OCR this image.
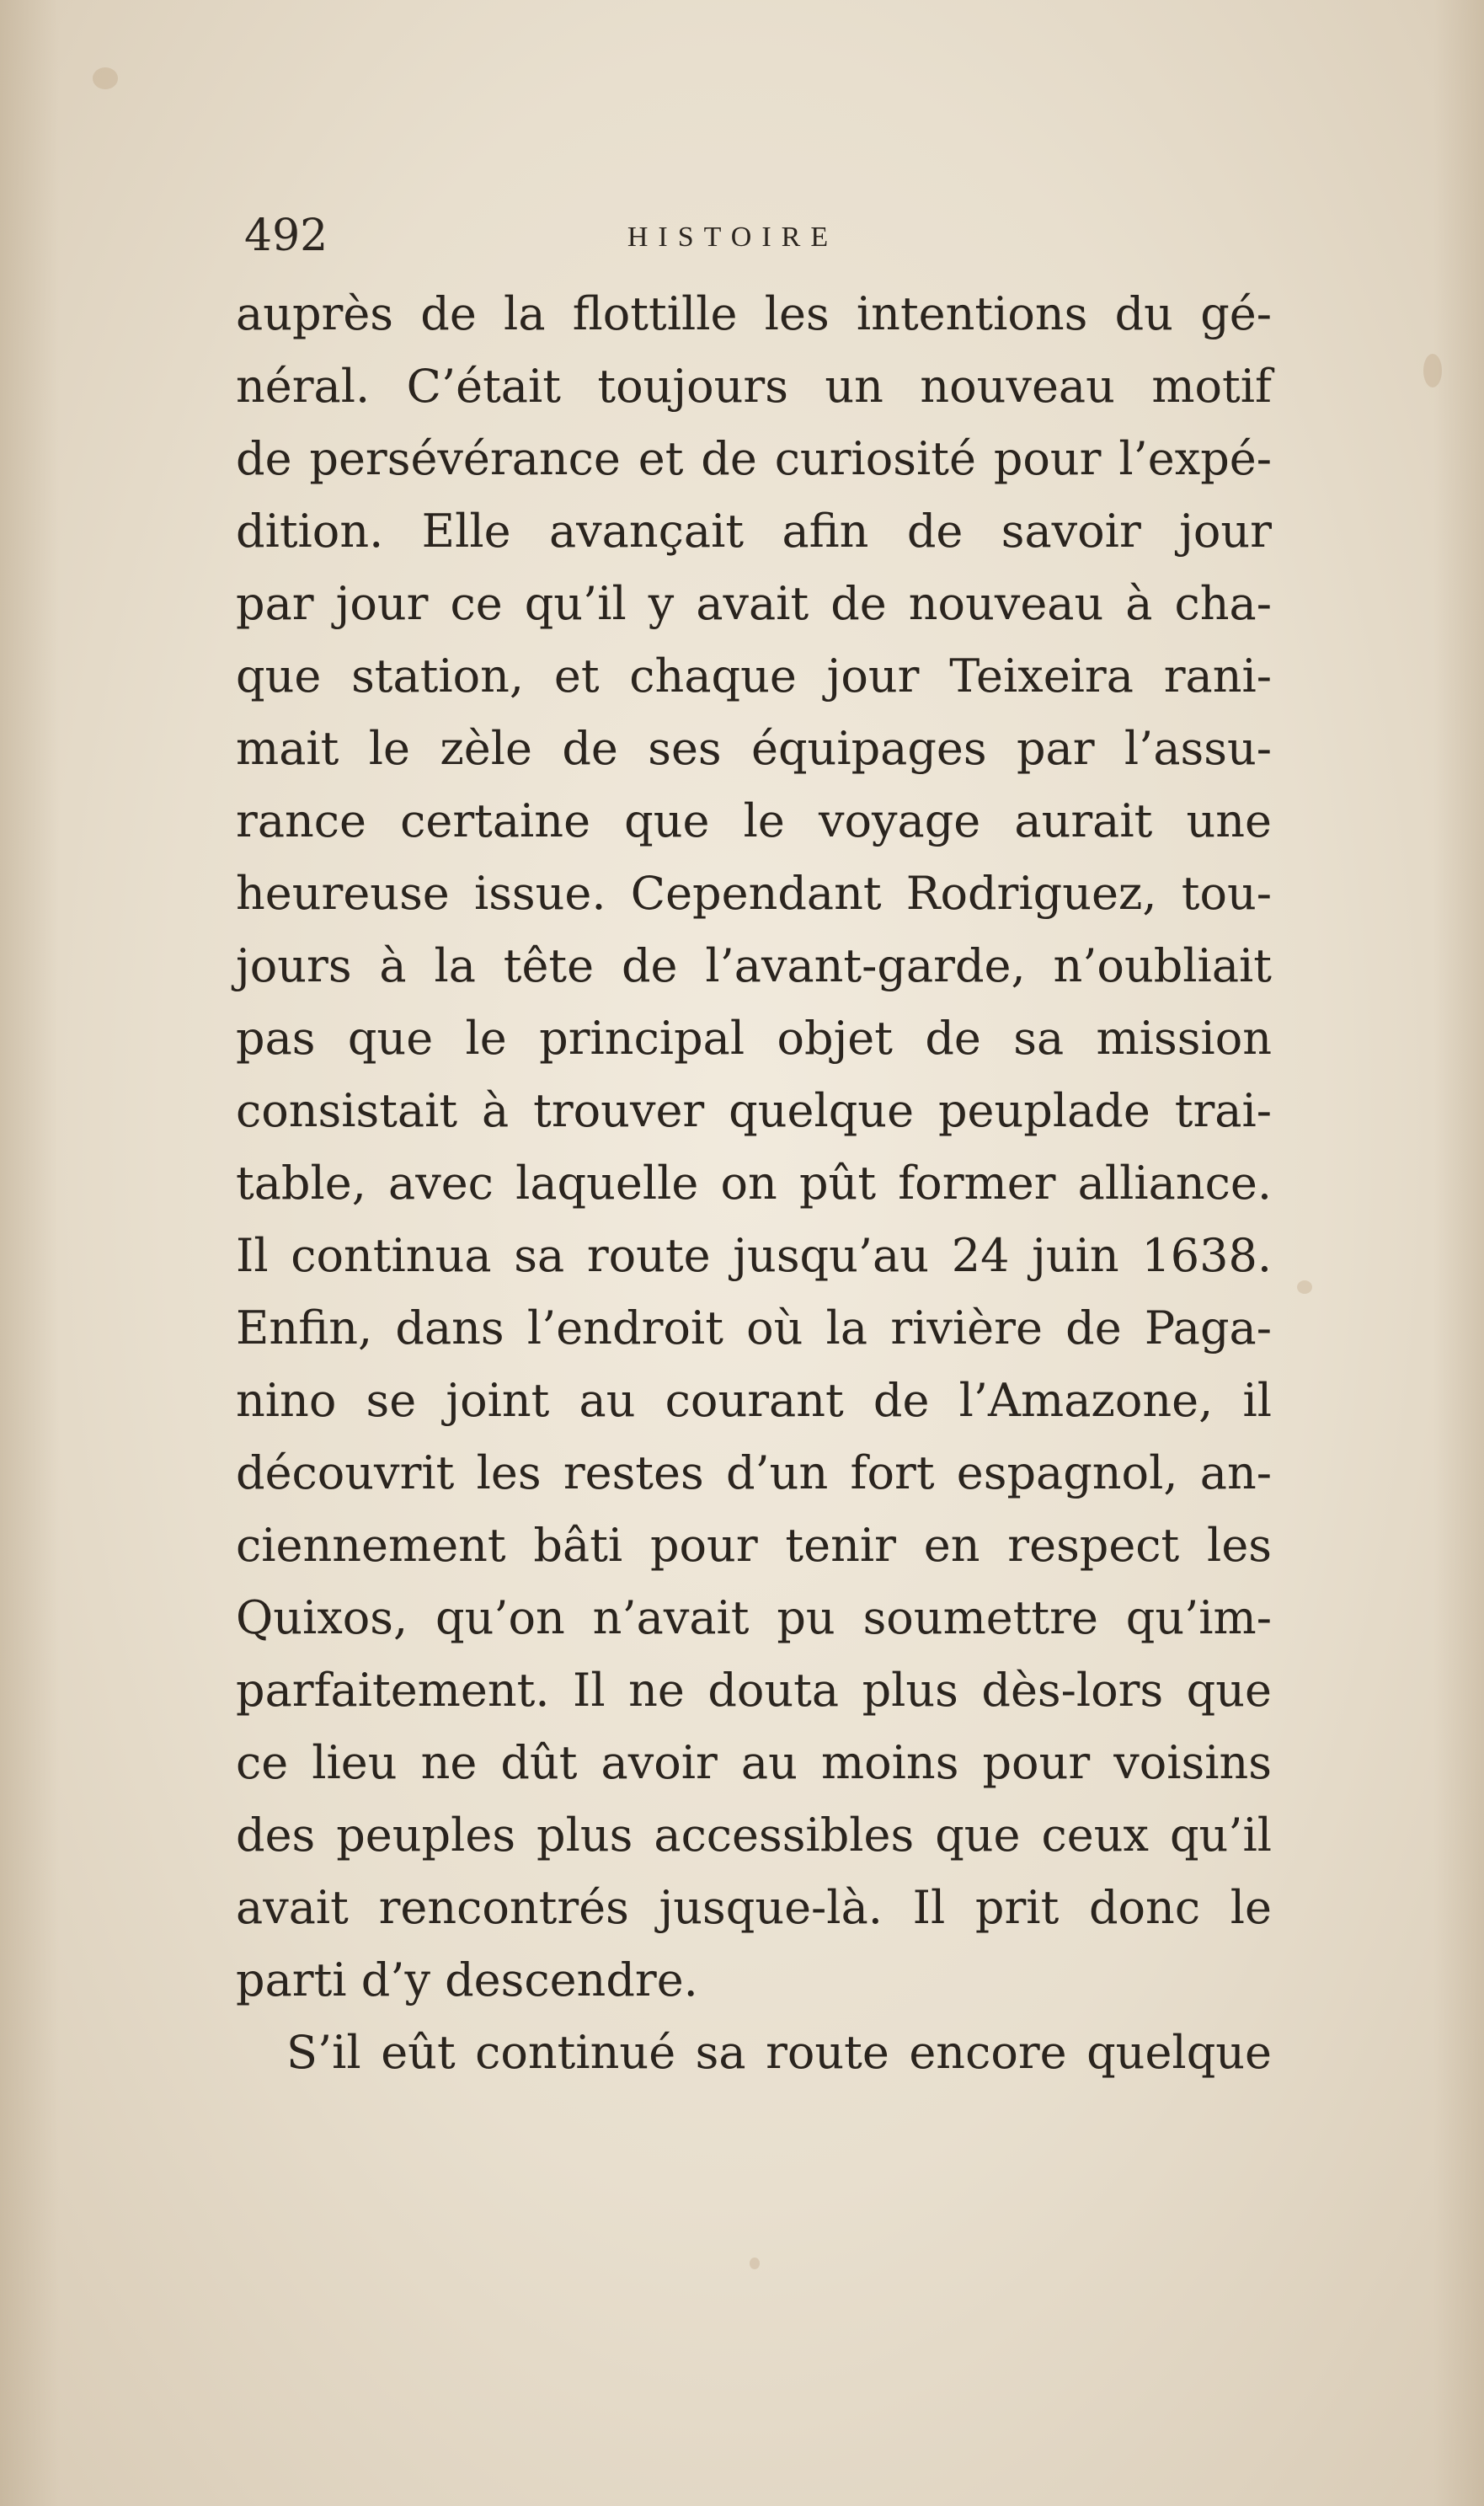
492	HISTOIRE
auprès de la flottille les intentions du gé-
néral. C’était toujours un nouveau motif
de persévérance et de curiosité pour l’expé-
dition. Elle avançait afin de savoir jour
par jour ce qu’il y avait de nouveau à cha-
que station, et chaque jour Teixeira rani-
mait le zèle de ses équipages par l’assu-
rance certaine que le voyage aurait une
heureuse issue. Cependant Rodriguez, tou-
jours à la tête de l’avant-garde, n’oubliait
pas que le principal objet de sa mission
consistait à trouver quelque peuplade trai-
table, avec laquelle on pût former alliance.
Il continua sa route jusqu’au 24 juin 1638.
Enfin, dans l’endroit où la rivière de Paga-
nino se joint au courant de l’Amazone, il
découvrit les restes d’un fort espagnol, an-
ciennement bâti pour tenir en respect les
Quixos, qu’on n’avait pu soumettre qu’im-
parfaitement. Il ne douta plus dès-lors que
ce lieu ne dût avoir au moins pour voisins
des peuples plus accessibles que ceux qu’il
avait rencontrés jusque-là. Il prit donc le
parti d’y descendre.
S’il eût continué sa route encore quelque
